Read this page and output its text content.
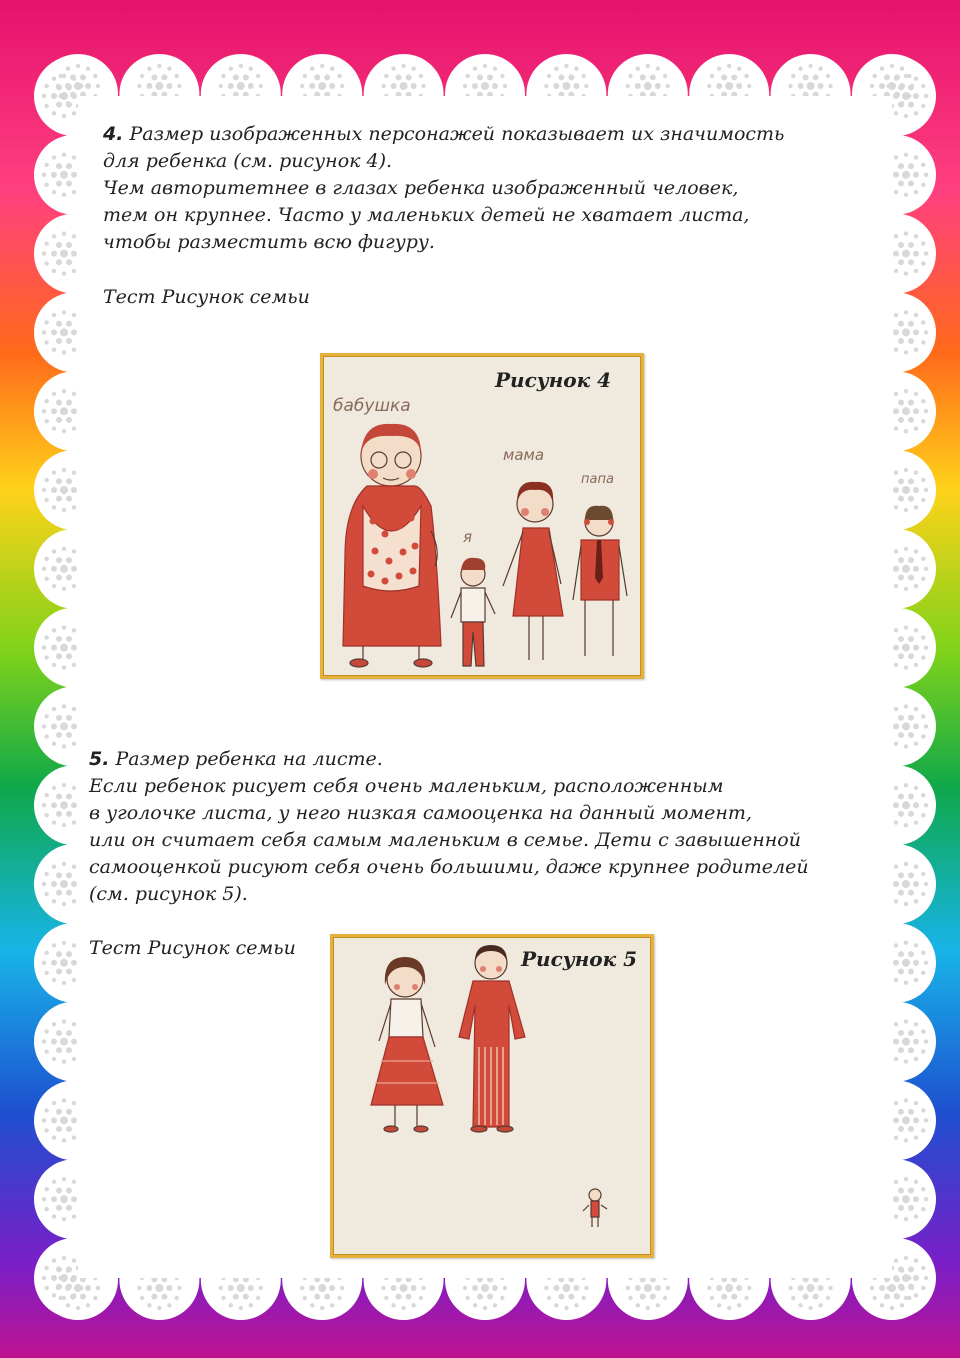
4. Размер изображенных персонажей показывает их значимость

для ребенка (см. рисунок 4).

Чем авторитетнее в глазах ребенка изображенный человек,

тем он крупнее. Часто у маленьких детей не хватает листа,

чтобы разместить всю фигуру.

Тест Рисунок семьи
Рисунок 4
бабушка
я
мама
папа

5. Размер ребенка на листе.

Если ребенок рисует себя очень маленьким, расположенным

в уголочке листа, у него низкая самооценка на данный момент,

или он считает себя самым маленьким в семье. Дети с завышенной

самооценкой рисуют себя очень большими, даже крупнее родителей

(см. рисунок 5).

Тест Рисунок семьи	Рисунок 5
